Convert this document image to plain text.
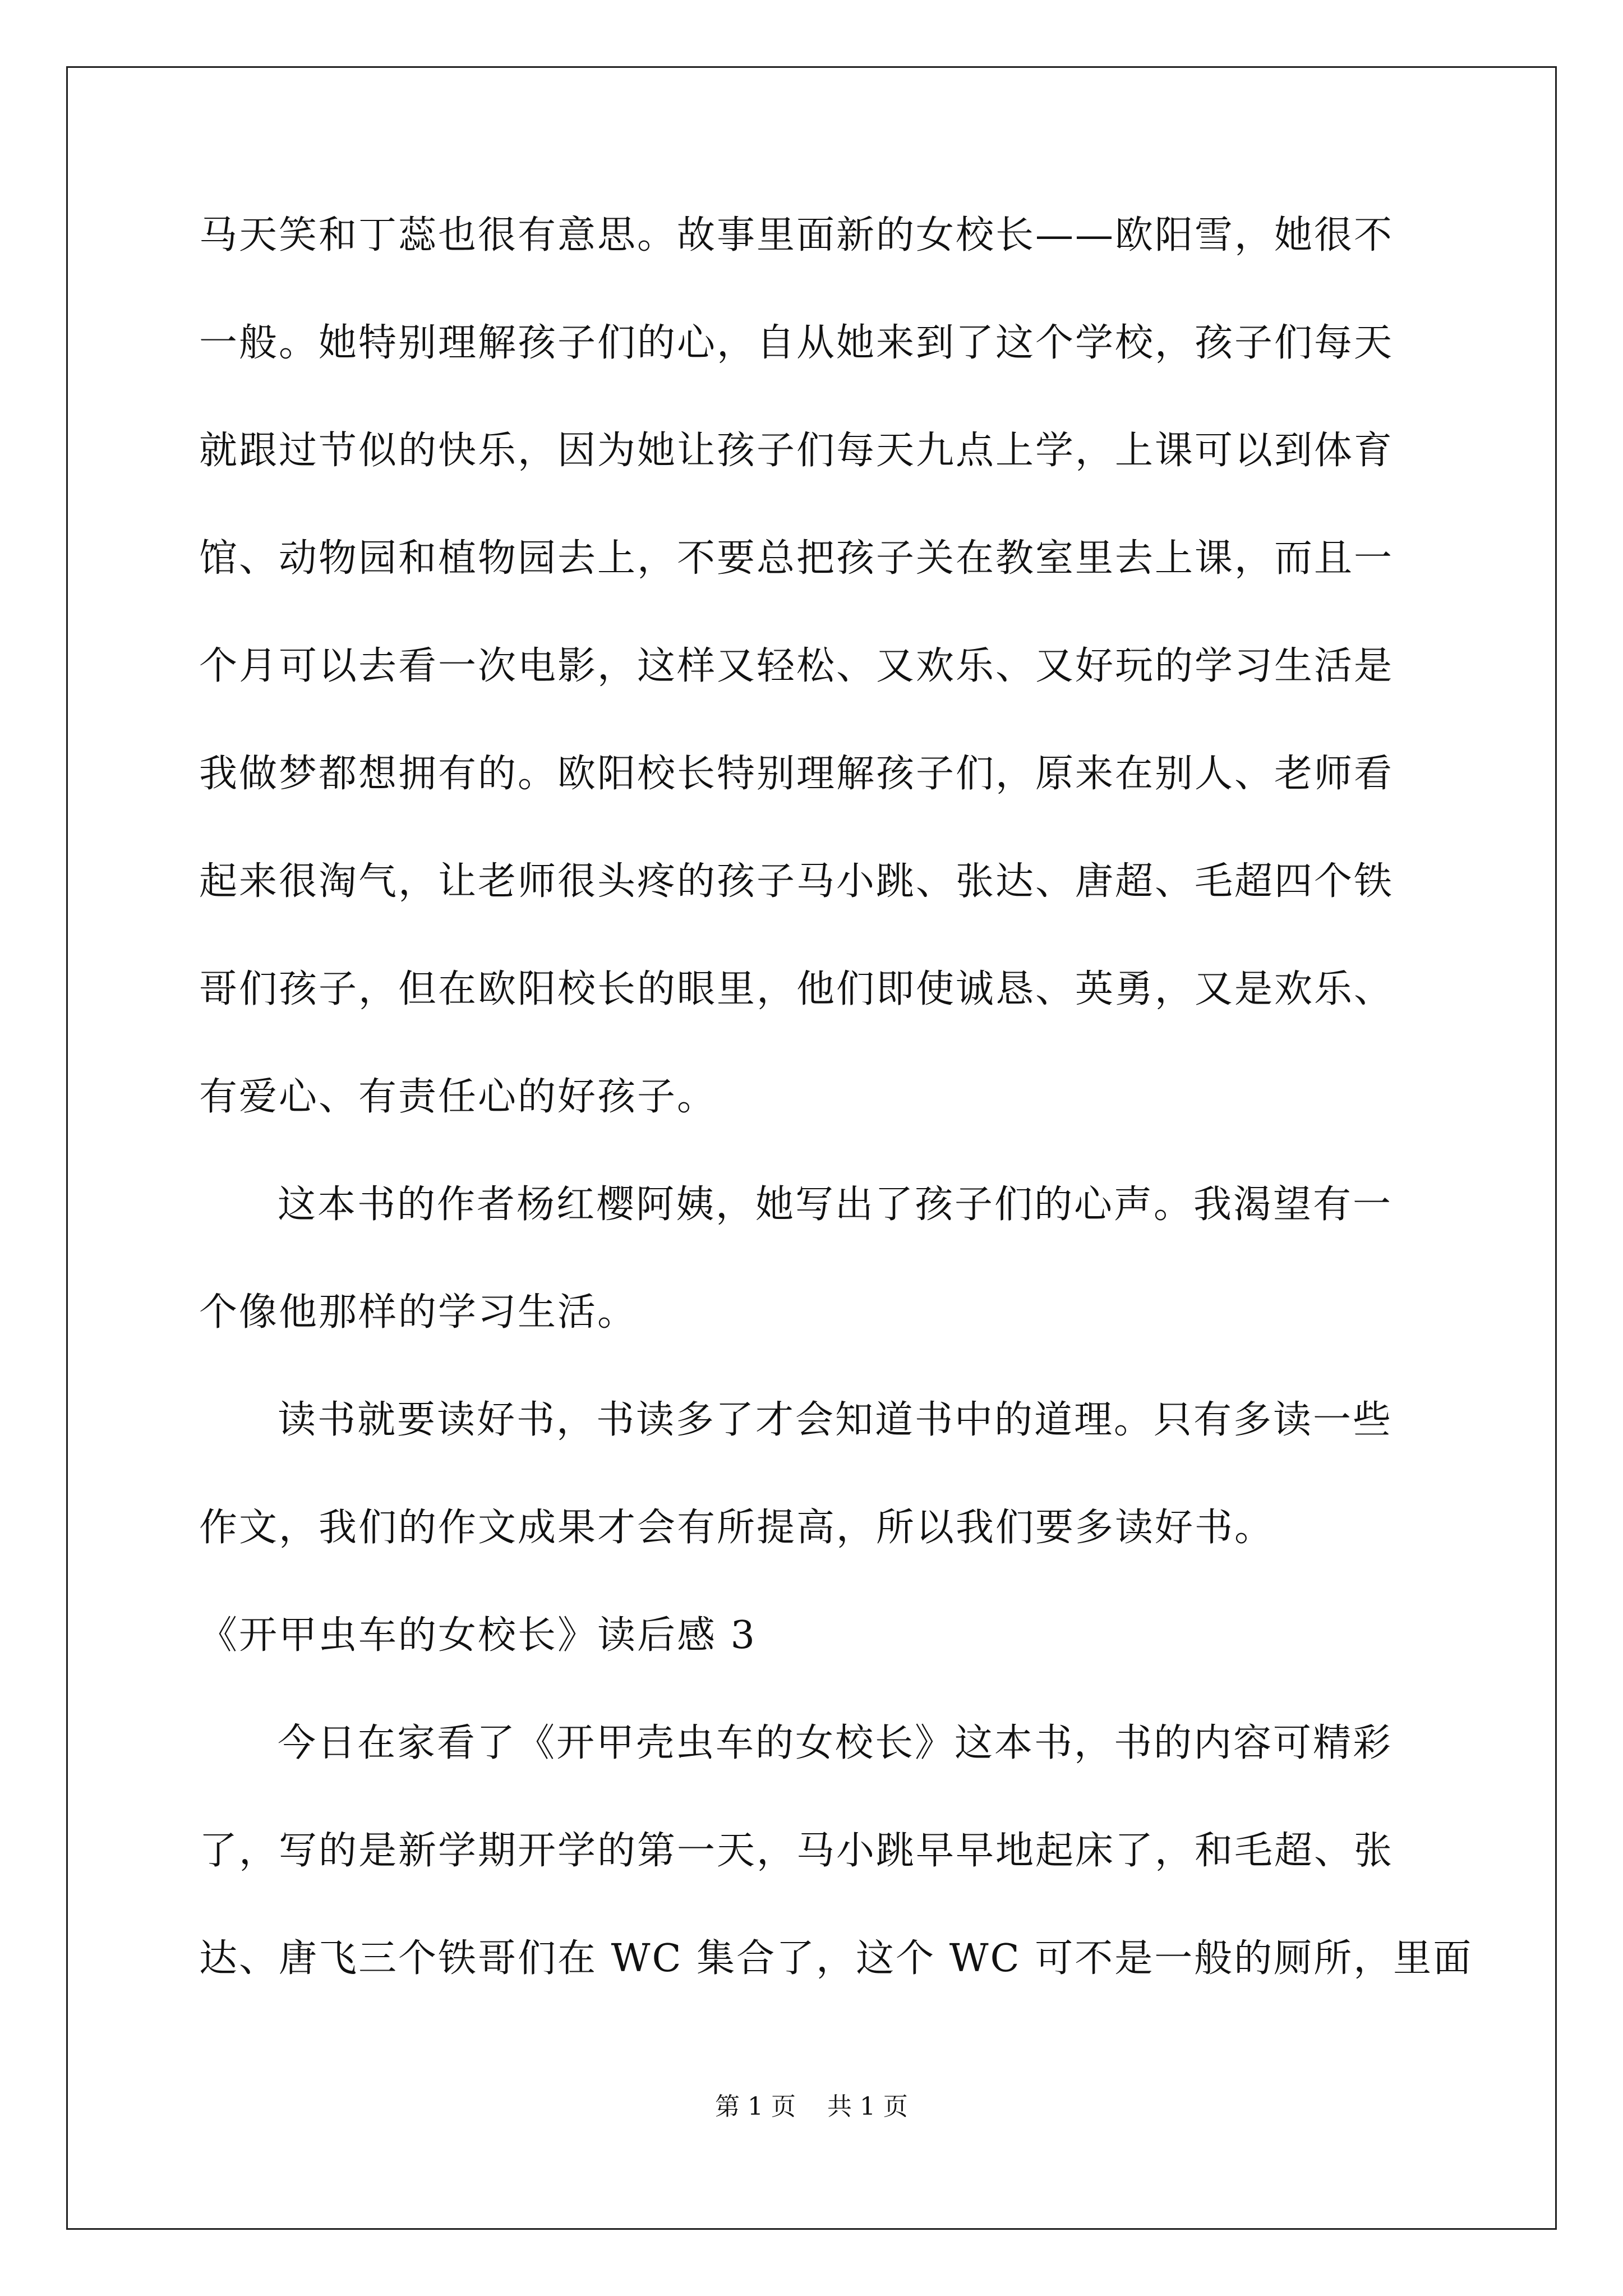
马天笑和丁蕊也很有意思。故事里面新的女校长——欧阳雪，她很不
一般。她特别理解孩子们的心，自从她来到了这个学校，孩子们每天
就跟过节似的快乐，因为她让孩子们每天九点上学，上课可以到体育
馆、动物园和植物园去上，不要总把孩子关在教室里去上课，而且一
个月可以去看一次电影，这样又轻松、又欢乐、又好玩的学习生活是
我做梦都想拥有的。欧阳校长特别理解孩子们，原来在别人、老师看
起来很淘气，让老师很头疼的孩子马小跳、张达、唐超、毛超四个铁
哥们孩子，但在欧阳校长的眼里，他们即使诚恳、英勇，又是欢乐、
有爱心、有责任心的好孩子。
这本书的作者杨红樱阿姨，她写出了孩子们的心声。我渴望有一
个像他那样的学习生活。
读书就要读好书，书读多了才会知道书中的道理。只有多读一些
作文，我们的作文成果才会有所提高，所以我们要多读好书。
《开甲虫车的女校长》读后感 3
今日在家看了《开甲壳虫车的女校长》这本书，书的内容可精彩
了，写的是新学期开学的第一天，马小跳早早地起床了，和毛超、张
达、唐飞三个铁哥们在 WC 集合了，这个 WC 可不是一般的厕所，里面
第 1 页    共 1 页
